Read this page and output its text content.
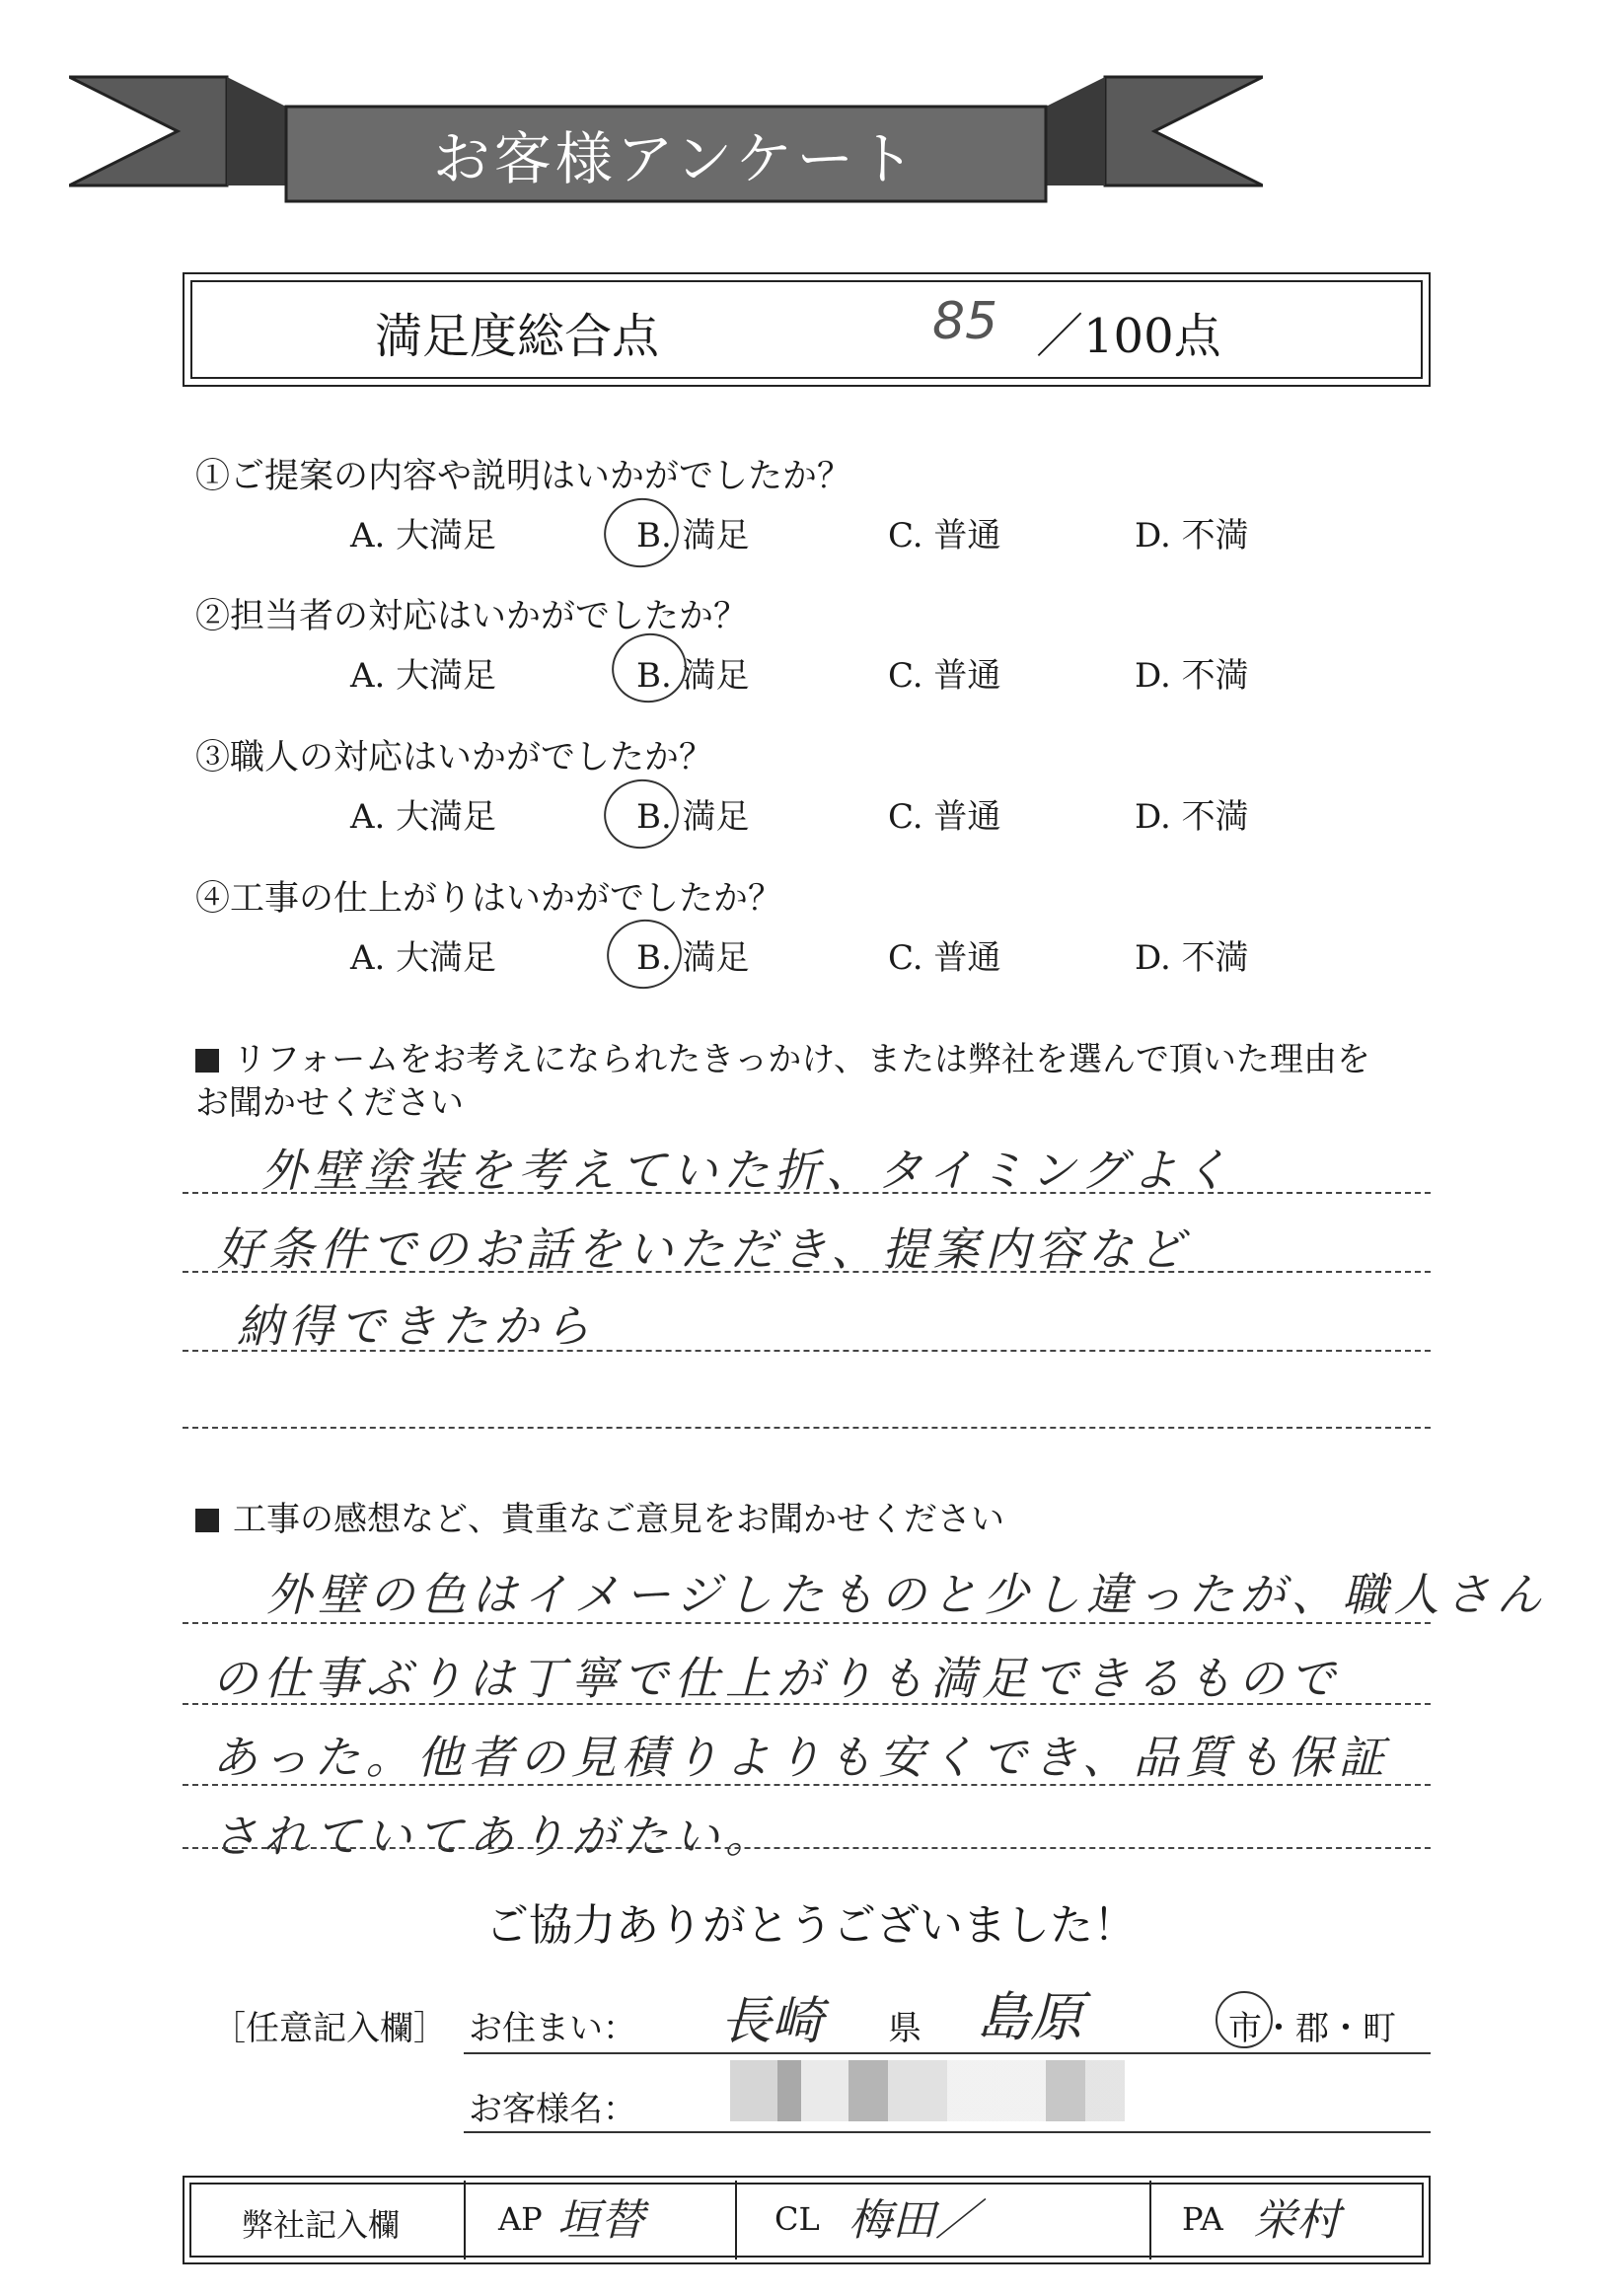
お客様アンケート
満足度総合点	85 ／100点
①ご提案の内容や説明はいかがでしたか？
A. 大満足	B. 満足	C. 普通	D. 不満
②担当者の対応はいかがでしたか？
A. 大満足	B. 満足	C. 普通	D. 不満
③職人の対応はいかがでしたか？
A. 大満足	B. 満足	C. 普通	D. 不満
④工事の仕上がりはいかがでしたか？
A. 大満足	B. 満足	C. 普通	D. 不満
リフォームをお考えになられたきっかけ、または弊社を選んで頂いた理由を
お聞かせください
外壁塗装を考えていた折、タイミングよく
好条件でのお話をいただき、提案内容など
納得できたから
工事の感想など、貴重なご意見をお聞かせください
外壁の色はイメージしたものと少し違ったが、職人さん
の仕事ぶりは丁寧で仕上がりも満足できるもので
あった。他者の見積りよりも安くでき、品質も保証
されていてありがたい。
ご協力ありがとうございました！
［任意記入欄］ お住まい： 長崎 県 島原	市・郡・町
お客様名：
弊社記入欄	AP 垣替	CL 梅田／	PA 栄村
